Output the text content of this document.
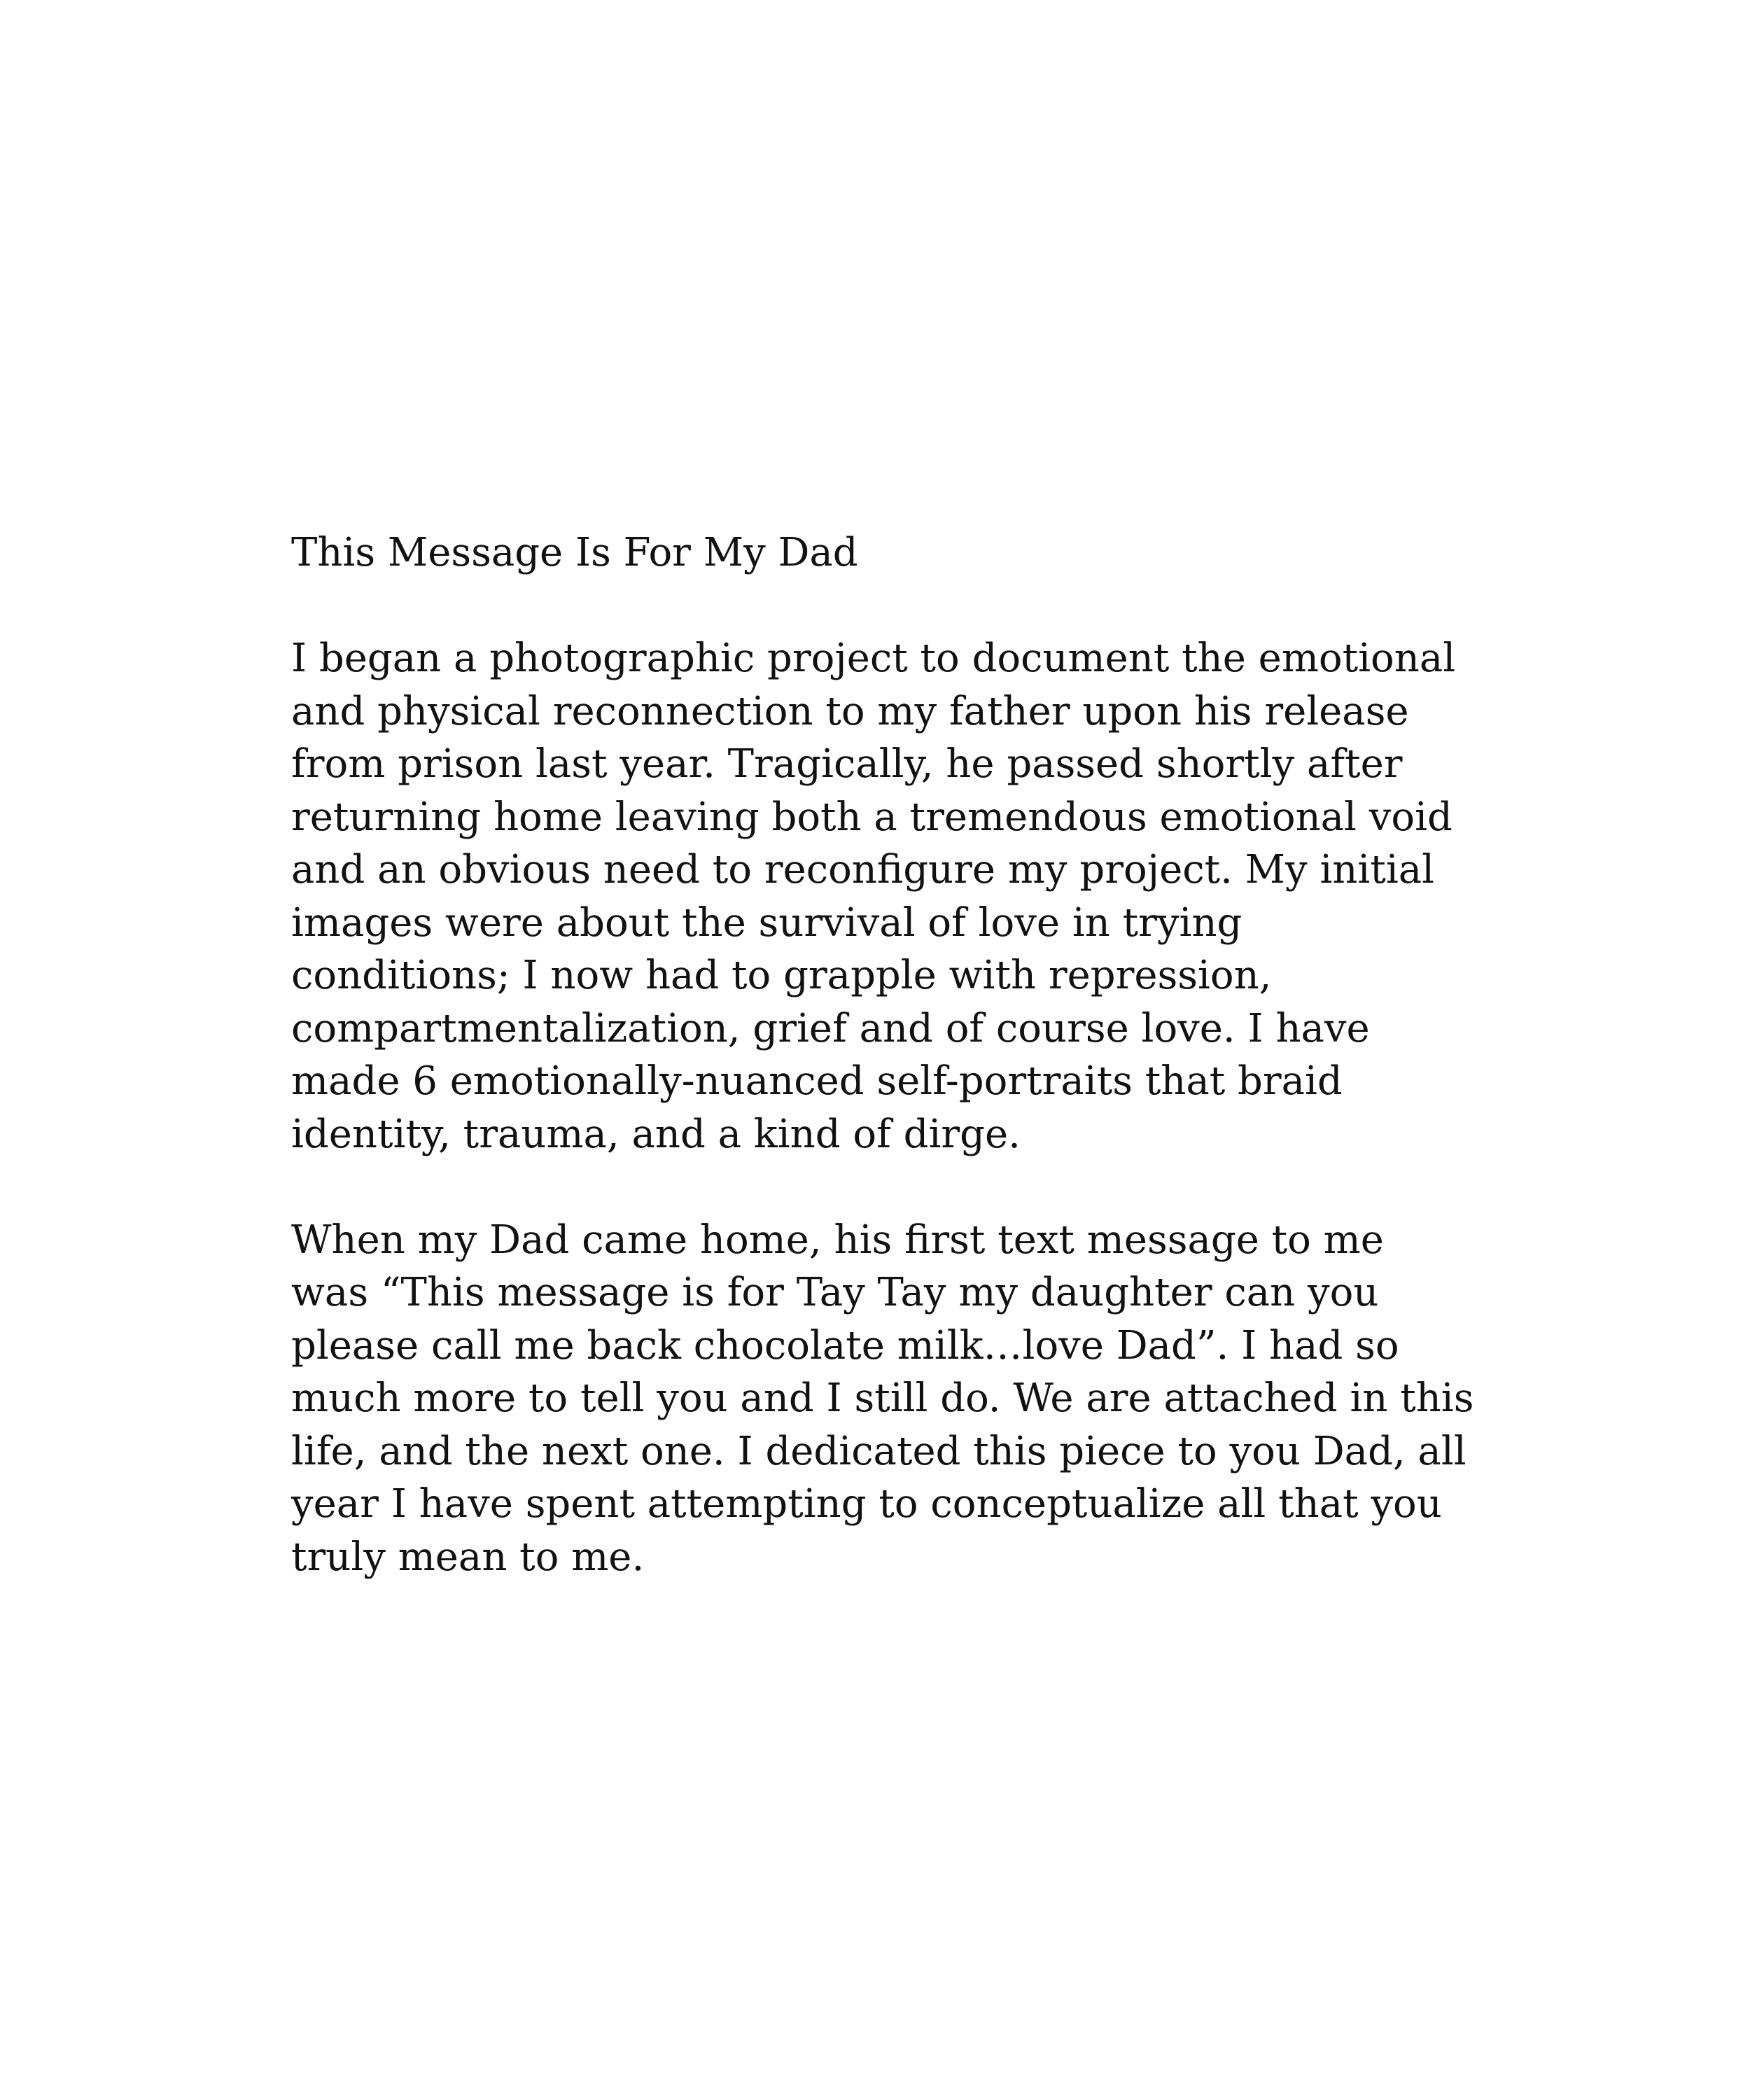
This Message Is For My Dad

I began a photographic project to document the emotional
and physical reconnection to my father upon his release
from prison last year. Tragically, he passed shortly after
returning home leaving both a tremendous emotional void
and an obvious need to reconfigure my project. My initial
images were about the survival of love in trying
conditions; I now had to grapple with repression,
compartmentalization, grief and of course love. I have
made 6 emotionally-nuanced self-portraits that braid
identity, trauma, and a kind of dirge.

When my Dad came home, his first text message to me
was “This message is for Tay Tay my daughter can you
please call me back chocolate milk…love Dad”. I had so
much more to tell you and I still do. We are attached in this
life, and the next one. I dedicated this piece to you Dad, all
year I have spent attempting to conceptualize all that you
truly mean to me.
